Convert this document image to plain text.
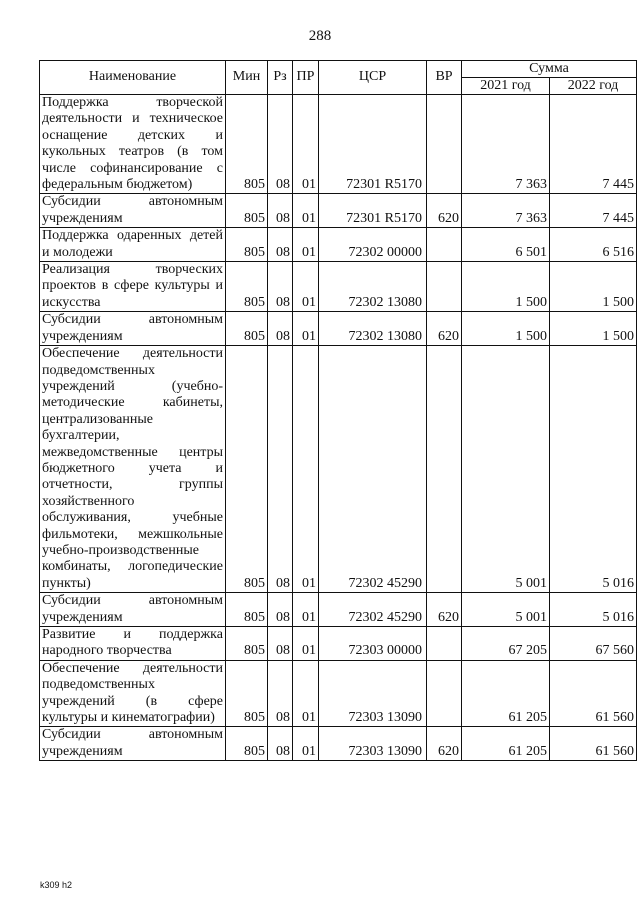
288
Наименование	Мин	Рз	ПР	ЦСР	ВР	Сумма	
						2021 год	2022 год
Поддержка творческой деятельности и техническое оснащение детских и кукольных театров (в том числе софинансирование с федеральным бюджетом)	805	08	01	72301 R5170		7 363	7 445
Субсидии автономным учреждениям	805	08	01	72301 R5170	620	7 363	7 445
Поддержка одаренных детей и молодежи	805	08	01	72302 00000		6 501	6 516
Реализация творческих проектов в сфере культуры и искусства	805	08	01	72302 13080		1 500	1 500
Субсидии автономным учреждениям	805	08	01	72302 13080	620	1 500	1 500
Обеспечение деятельности подведомственных учреждений (учебно-методические кабинеты, централизованные бухгалтерии, межведомственные центры бюджетного учета и отчетности, группы хозяйственного обслуживания, учебные фильмотеки, межшкольные учебно-производственные комбинаты, логопедические пункты)	805	08	01	72302 45290		5 001	5 016
Субсидии автономным учреждениям	805	08	01	72302 45290	620	5 001	5 016
Развитие и поддержка народного творчества	805	08	01	72303 00000		67 205	67 560
Обеспечение деятельности подведомственных учреждений (в сфере культуры и кинематографии)	805	08	01	72303 13090		61 205	61 560
Субсидии автономным учреждениям	805	08	01	72303 13090	620	61 205	61 560
k309 h2
